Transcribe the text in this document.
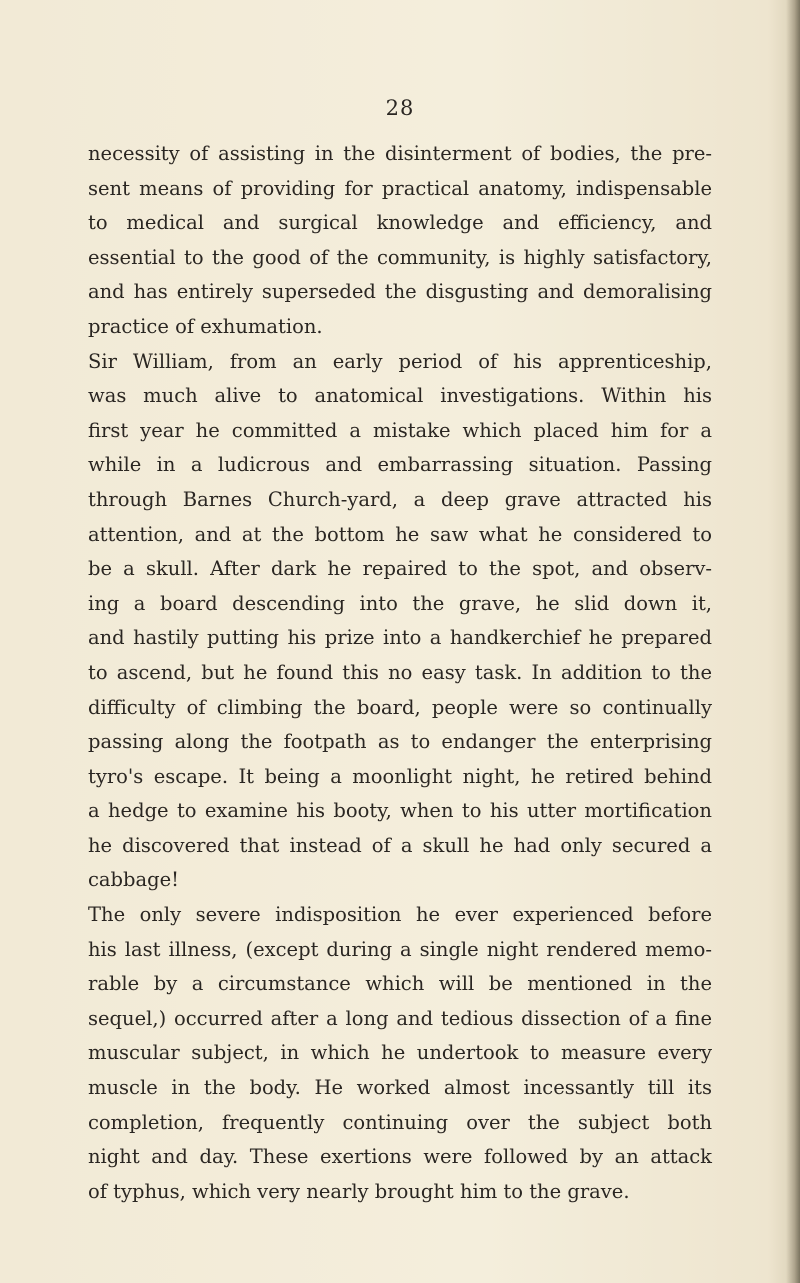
28
necessity of assisting in the disinterment of bodies, the pre-
sent means of providing for practical anatomy, indispensable
to medical and surgical knowledge and efficiency, and
essential to the good of the community, is highly satisfactory,
and has entirely superseded the disgusting and demoralising
practice of exhumation.
Sir William, from an early period of his apprenticeship,
was much alive to anatomical investigations. Within his
first year he committed a mistake which placed him for a
while in a ludicrous and embarrassing situation. Passing
through Barnes Church-yard, a deep grave attracted his
attention, and at the bottom he saw what he considered to
be a skull. After dark he repaired to the spot, and observ-
ing a board descending into the grave, he slid down it,
and hastily putting his prize into a handkerchief he prepared
to ascend, but he found this no easy task. In addition to the
difficulty of climbing the board, people were so continually
passing along the footpath as to endanger the enterprising
tyro's escape. It being a moonlight night, he retired behind
a hedge to examine his booty, when to his utter mortification
he discovered that instead of a skull he had only secured a
cabbage!
The only severe indisposition he ever experienced before
his last illness, (except during a single night rendered memo-
rable by a circumstance which will be mentioned in the
sequel,) occurred after a long and tedious dissection of a fine
muscular subject, in which he undertook to measure every
muscle in the body. He worked almost incessantly till its
completion, frequently continuing over the subject both
night and day. These exertions were followed by an attack
of typhus, which very nearly brought him to the grave.
